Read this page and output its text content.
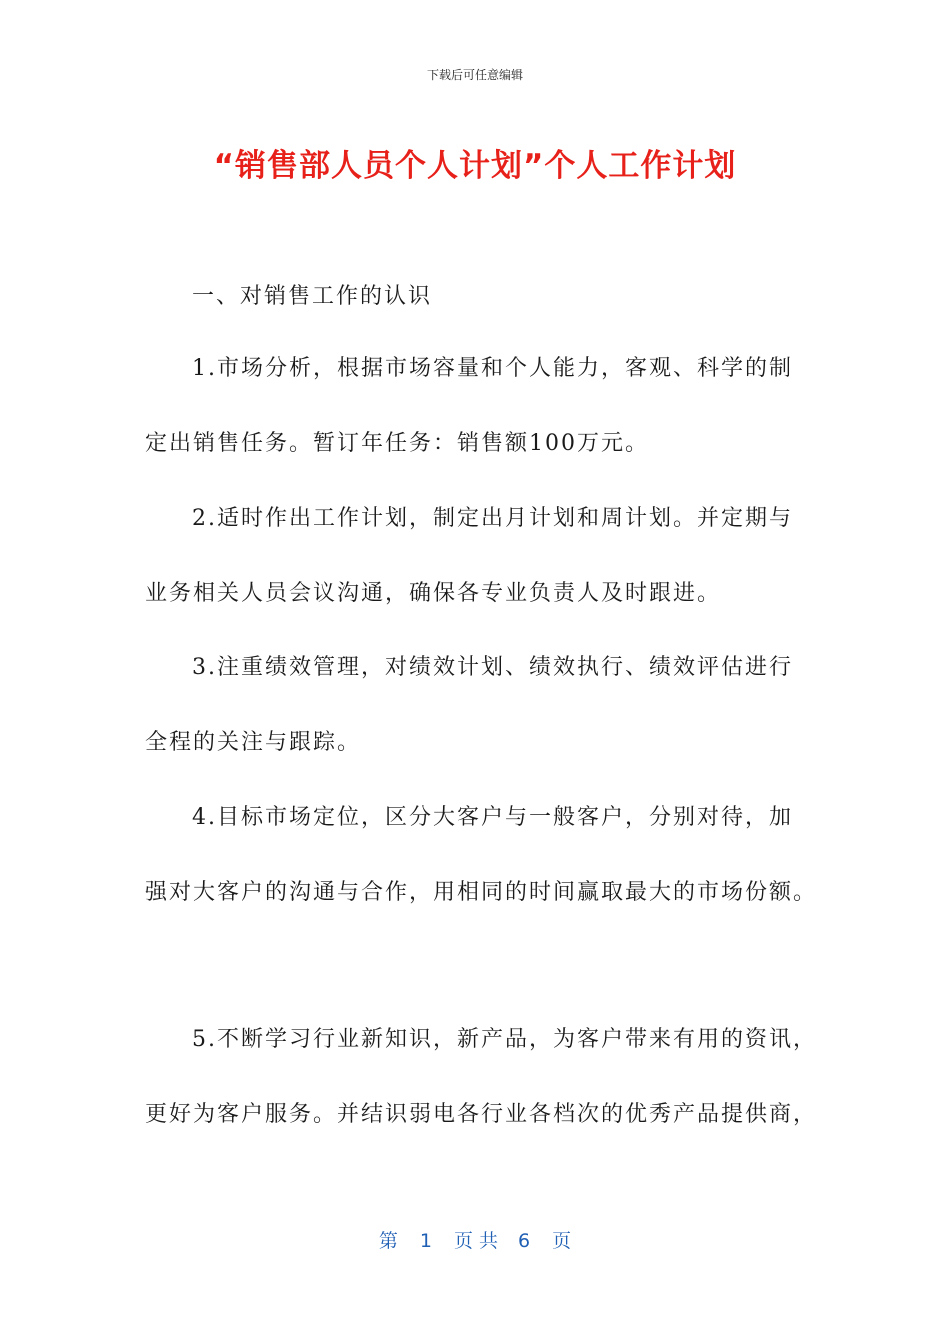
下载后可任意编辑
“销售部人员个人计划”个人工作计划
一、对销售工作的认识
1.市场分析，根据市场容量和个人能力，客观、科学的制
定出销售任务。暂订年任务：销售额100万元。
2.适时作出工作计划，制定出月计划和周计划。并定期与
业务相关人员会议沟通，确保各专业负责人及时跟进。
3.注重绩效管理，对绩效计划、绩效执行、绩效评估进行
全程的关注与跟踪。
4.目标市场定位，区分大客户与一般客户，分别对待，加
强对大客户的沟通与合作，用相同的时间赢取最大的市场份额。
5.不断学习行业新知识，新产品，为客户带来有用的资讯，
更好为客户服务。并结识弱电各行业各档次的优秀产品提供商，
第 1 页共 6 页
